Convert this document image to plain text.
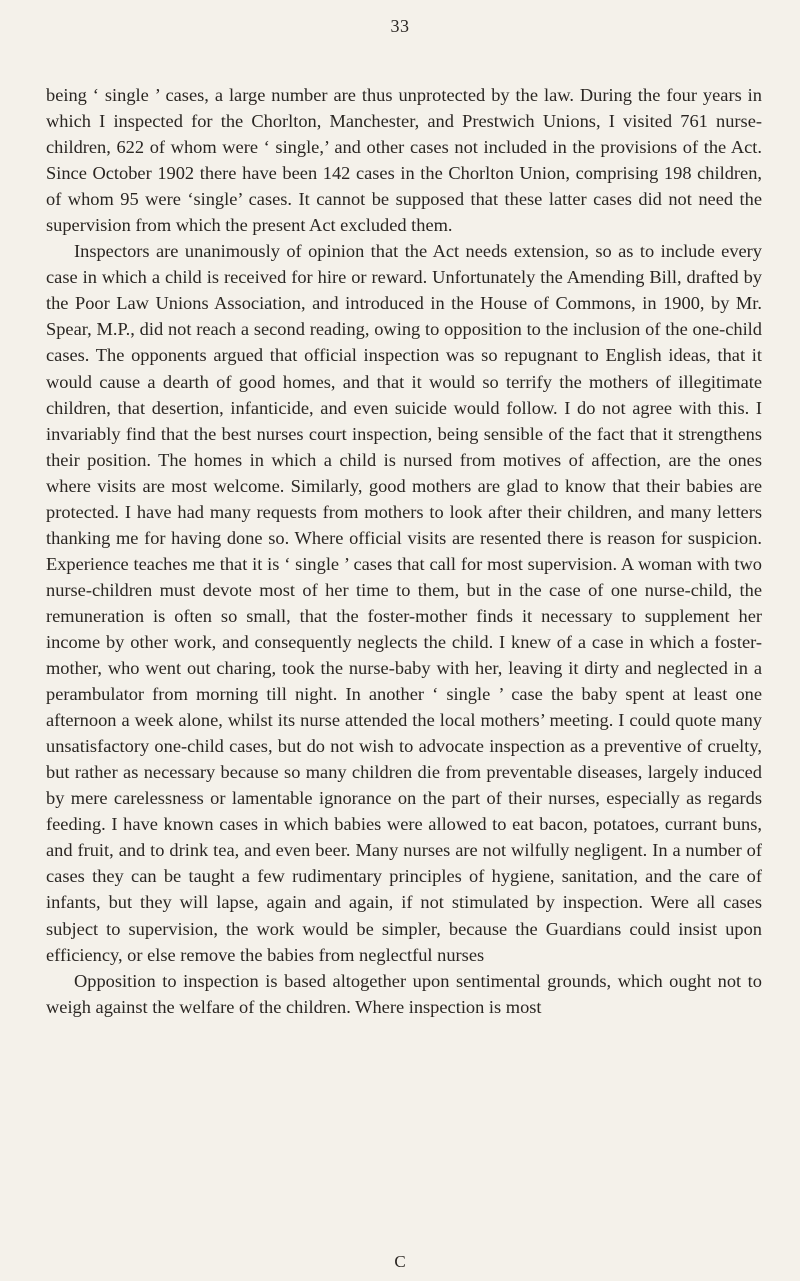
33

being ‘ single ’ cases, a large number are thus unprotected by the law. During the four years in which I inspected for the Chorlton, Manchester, and Prestwich Unions, I visited 761 nurse-children, 622 of whom were ‘ single,’ and other cases not included in the provisions of the Act. Since October 1902 there have been 142 cases in the Chorlton Union, comprising 198 children, of whom 95 were ‘single’ cases. It cannot be supposed that these latter cases did not need the supervision from which the present Act excluded them.

Inspectors are unanimously of opinion that the Act needs extension, so as to include every case in which a child is received for hire or reward. Unfortunately the Amending Bill, drafted by the Poor Law Unions Association, and introduced in the House of Commons, in 1900, by Mr. Spear, M.P., did not reach a second reading, owing to opposition to the inclusion of the one-child cases. The opponents argued that official inspection was so repugnant to English ideas, that it would cause a dearth of good homes, and that it would so terrify the mothers of illegitimate children, that desertion, infanticide, and even suicide would follow. I do not agree with this. I invariably find that the best nurses court inspection, being sensible of the fact that it strengthens their position. The homes in which a child is nursed from motives of affection, are the ones where visits are most welcome. Similarly, good mothers are glad to know that their babies are protected. I have had many requests from mothers to look after their children, and many letters thanking me for having done so. Where official visits are resented there is reason for suspicion. Experience teaches me that it is ‘ single ’ cases that call for most supervision. A woman with two nurse-children must devote most of her time to them, but in the case of one nurse-child, the remuneration is often so small, that the foster-mother finds it necessary to supplement her income by other work, and consequently neglects the child. I knew of a case in which a foster-mother, who went out charing, took the nurse-baby with her, leaving it dirty and neglected in a perambulator from morning till night. In another ‘ single ’ case the baby spent at least one afternoon a week alone, whilst its nurse attended the local mothers’ meeting. I could quote many unsatisfactory one-child cases, but do not wish to advocate inspection as a preventive of cruelty, but rather as necessary because so many children die from preventable diseases, largely induced by mere carelessness or lamentable ignorance on the part of their nurses, especially as regards feeding. I have known cases in which babies were allowed to eat bacon, potatoes, currant buns, and fruit, and to drink tea, and even beer. Many nurses are not wilfully negligent. In a number of cases they can be taught a few rudimentary principles of hygiene, sanitation, and the care of infants, but they will lapse, again and again, if not stimulated by inspection. Were all cases subject to supervision, the work would be simpler, because the Guardians could insist upon efficiency, or else remove the babies from neglectful nurses

Opposition to inspection is based altogether upon sentimental grounds, which ought not to weigh against the welfare of the children. Where inspection is most

C
